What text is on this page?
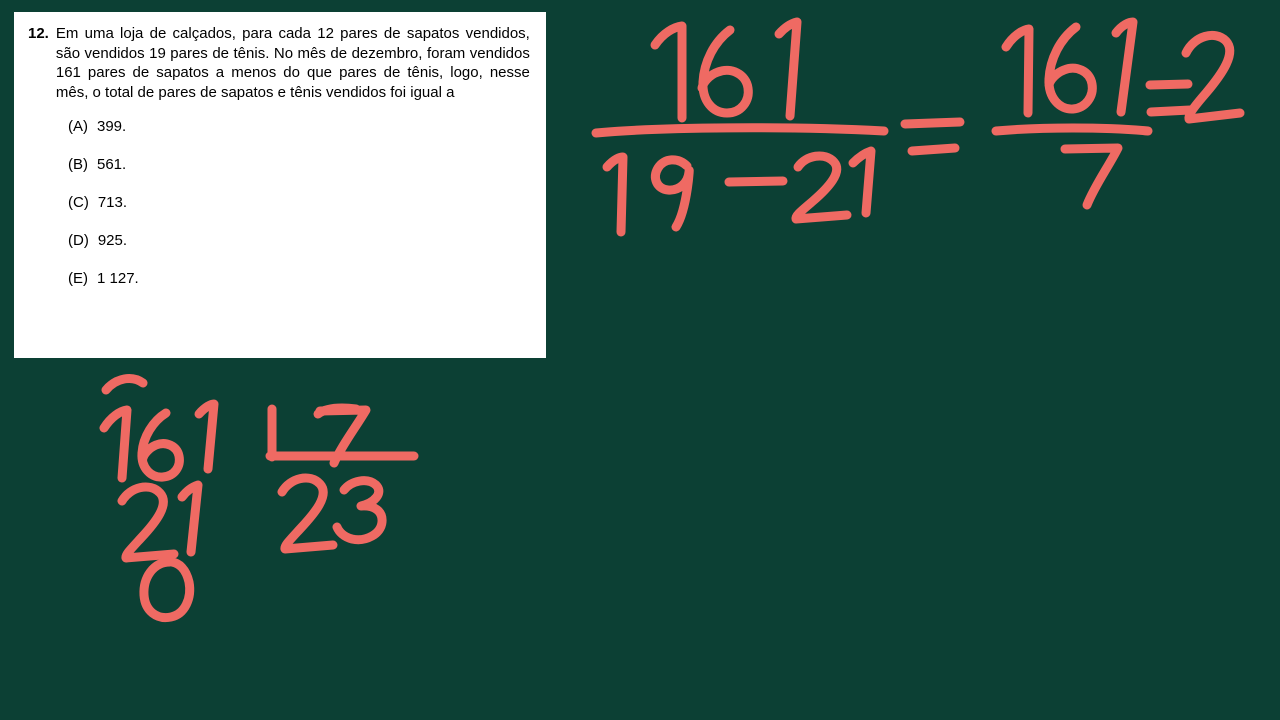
12. Em uma loja de calçados, para cada 12 pares de sapatos vendidos, são vendidos 19 pares de tênis. No mês de dezembro, foram vendidos 161 pares de sapatos a menos do que pares de tênis, logo, nesse mês, o total de pares de sapatos e tênis vendidos foi igual a
(A) 399.
(B) 561.
(C) 713.
(D) 925.
(E) 1 127.
